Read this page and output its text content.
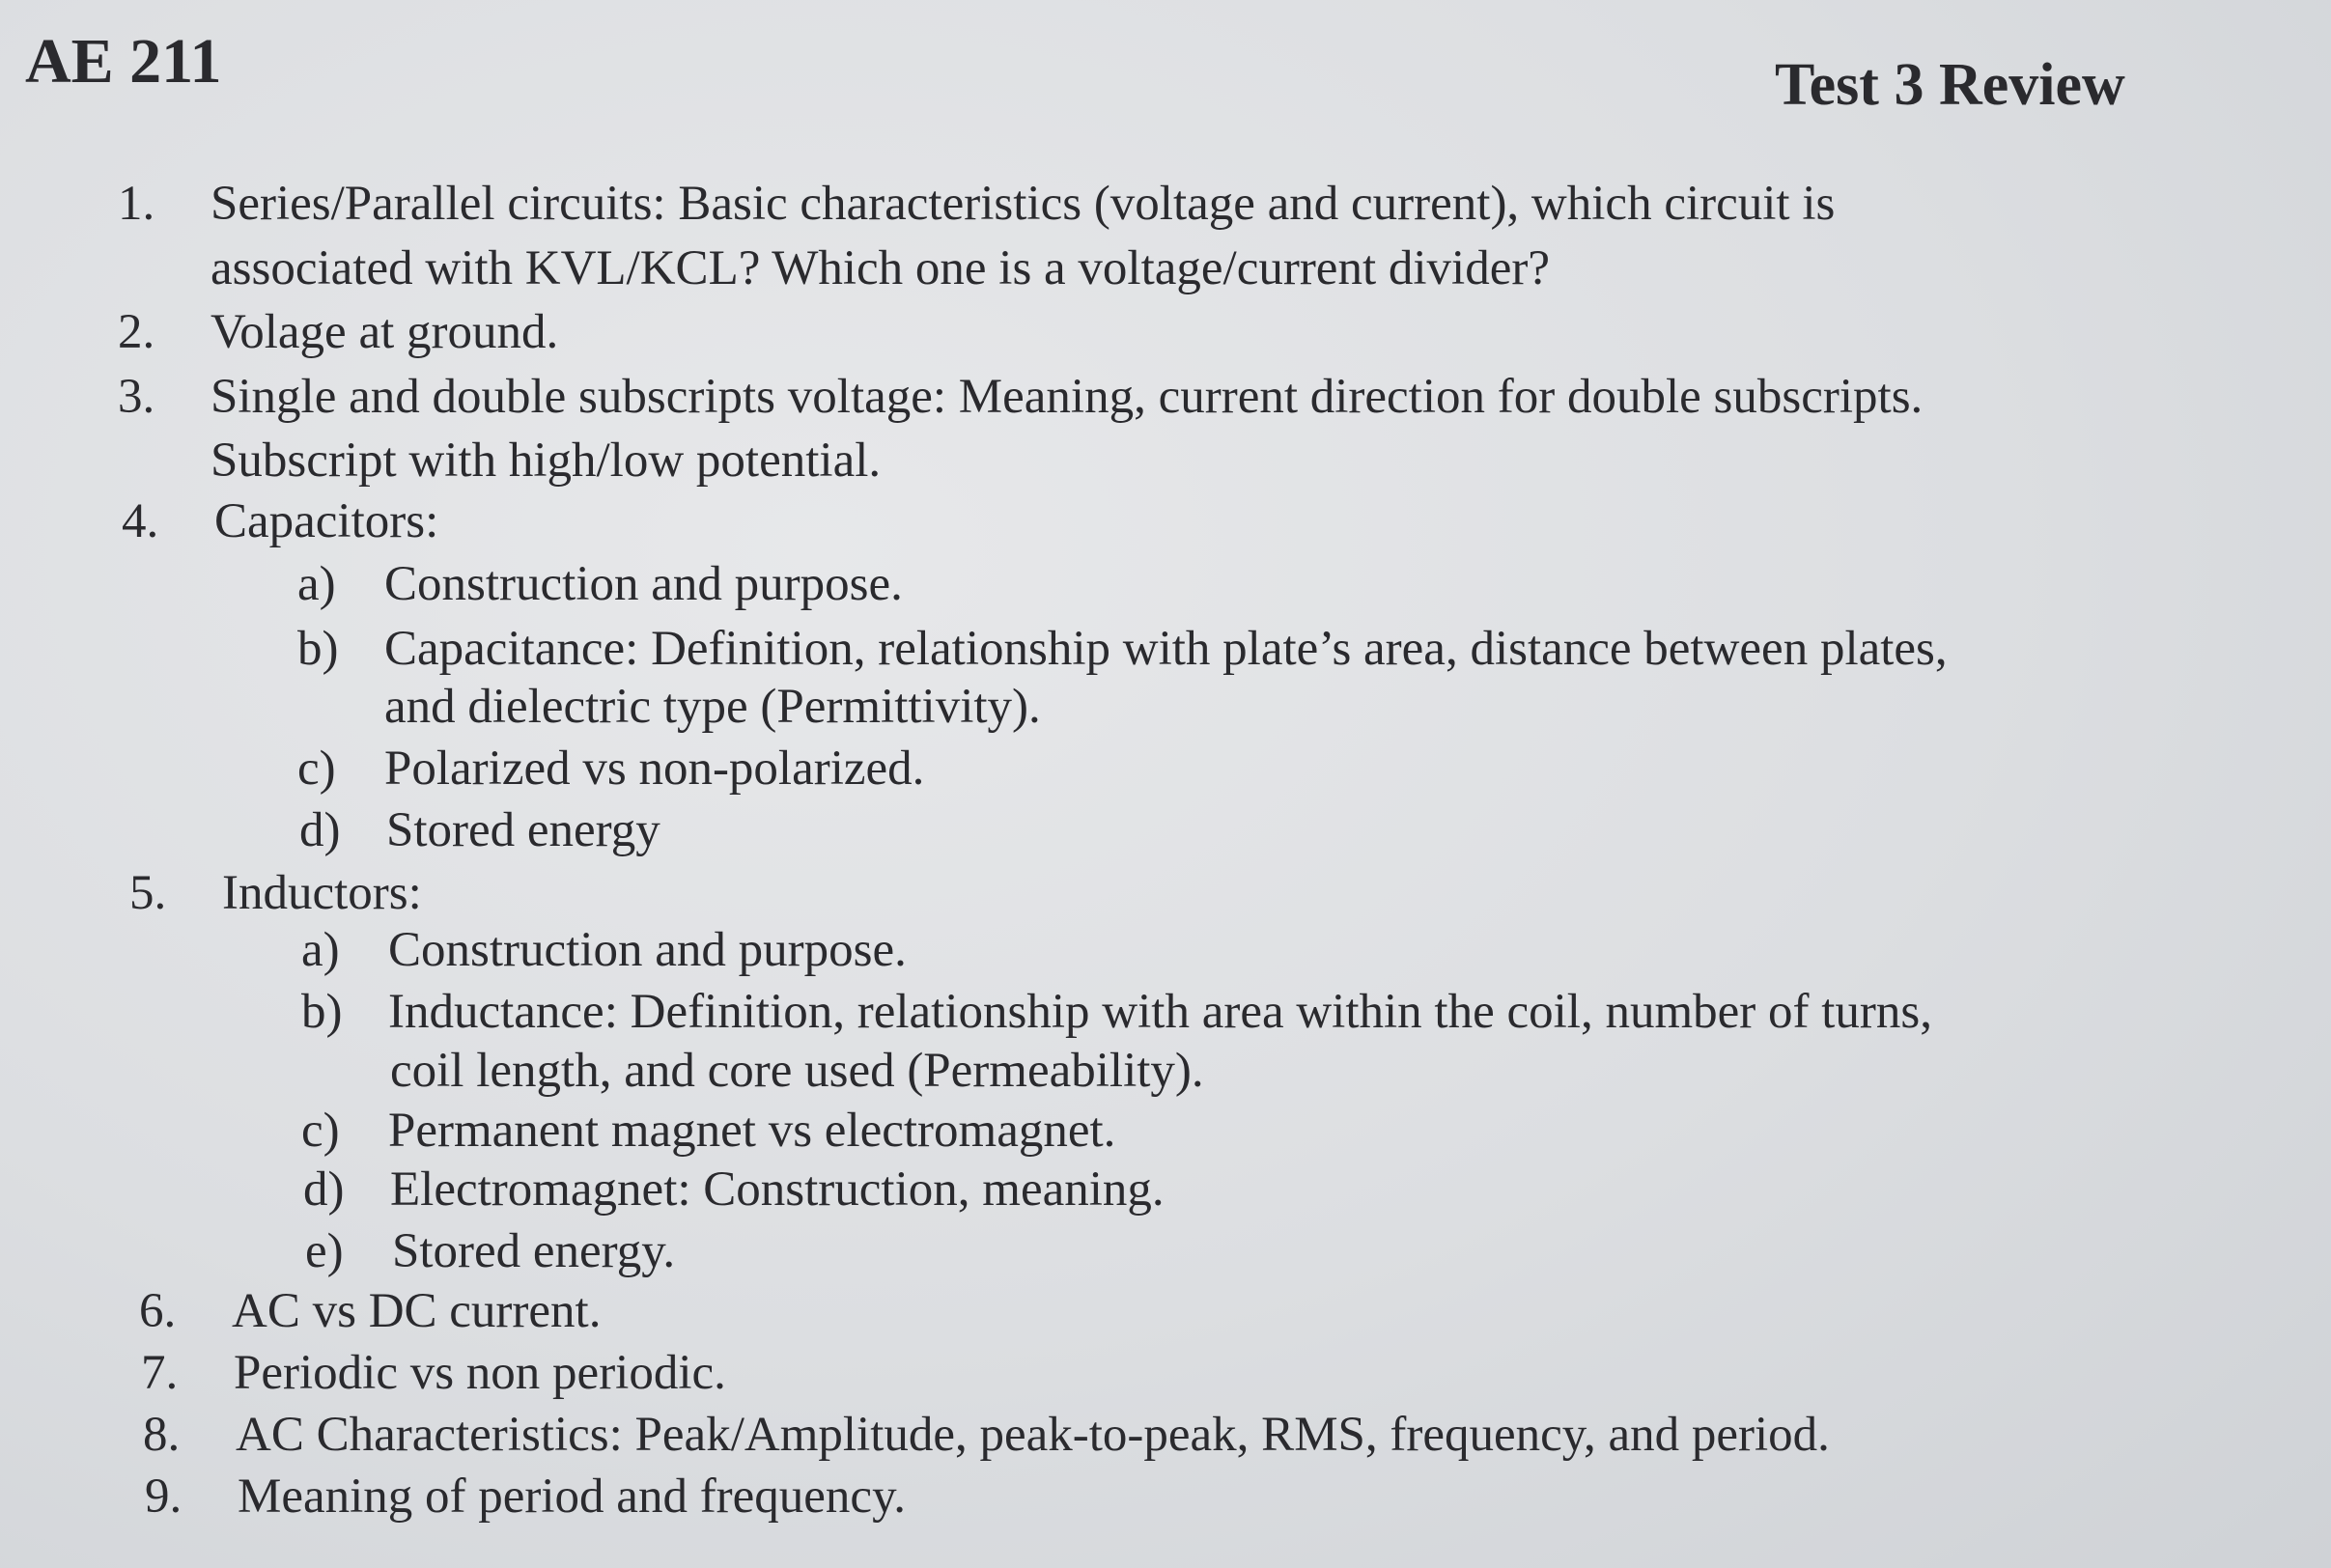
AE 211	Test 3 Review
1. Series/Parallel circuits: Basic characteristics (voltage and current), which circuit is
associated with KVL/KCL? Which one is a voltage/current divider?
2. Volage at ground.
3. Single and double subscripts voltage: Meaning, current direction for double subscripts.
Subscript with high/low potential.
4. Capacitors:
a) Construction and purpose.
b) Capacitance: Definition, relationship with plate’s area, distance between plates,
and dielectric type (Permittivity).
c) Polarized vs non-polarized.
d) Stored energy
5. Inductors:
a) Construction and purpose.
b) Inductance: Definition, relationship with area within the coil, number of turns,
coil length, and core used (Permeability).
c) Permanent magnet vs electromagnet.
d) Electromagnet: Construction, meaning.
e) Stored energy.
6. AC vs DC current.
7. Periodic vs non periodic.
8. AC Characteristics: Peak/Amplitude, peak-to-peak, RMS, frequency, and period.
9. Meaning of period and frequency.
